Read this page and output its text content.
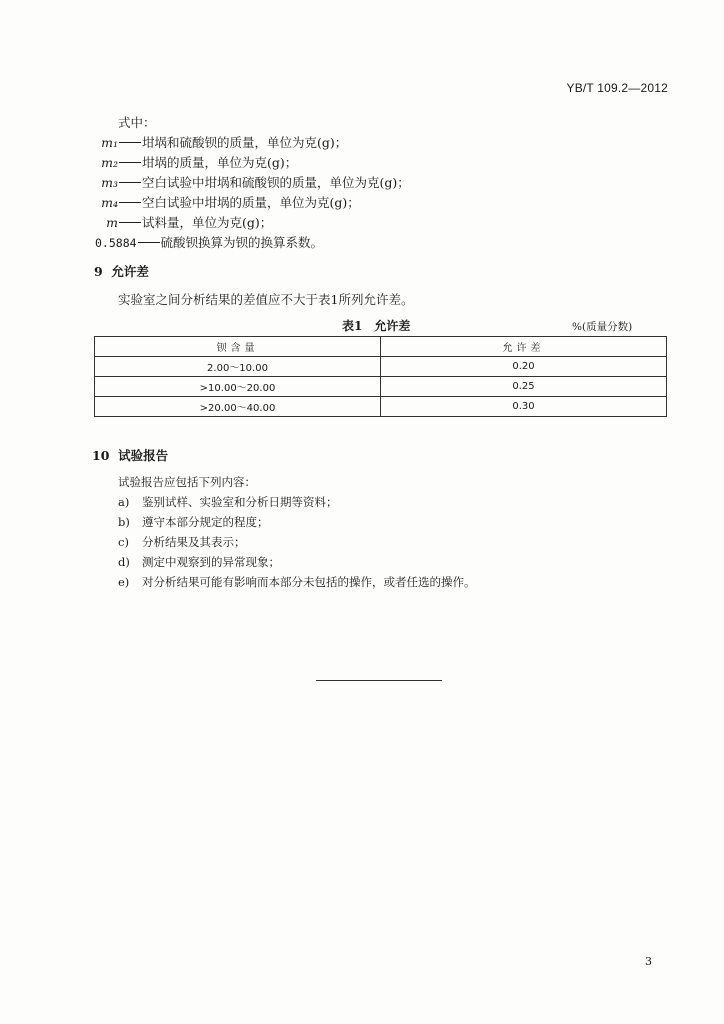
YB/T 109.2—2012
式中：
m₁ 坩埚和硫酸钡的质量，单位为克(g)；
m₂ 坩埚的质量，单位为克(g)；
m₃ 空白试验中坩埚和硫酸钡的质量，单位为克(g)；
m₄ 空白试验中坩埚的质量，单位为克(g)；
m 试料量，单位为克(g)；
0.5884 硫酸钡换算为钡的换算系数。
9 允许差
实验室之间分析结果的差值应不大于表1所列允许差。
表1　允许差	%(质量分数)
钡含量	允许差
2.00～10.00	0.20
>10.00～20.00	0.25
>20.00～40.00	0.30
10 试验报告
试验报告应包括下列内容：
a) 鉴别试样、实验室和分析日期等资料；
b) 遵守本部分规定的程度；
c) 分析结果及其表示；
d) 测定中观察到的异常现象；
e) 对分析结果可能有影响而本部分未包括的操作，或者任选的操作。
3
